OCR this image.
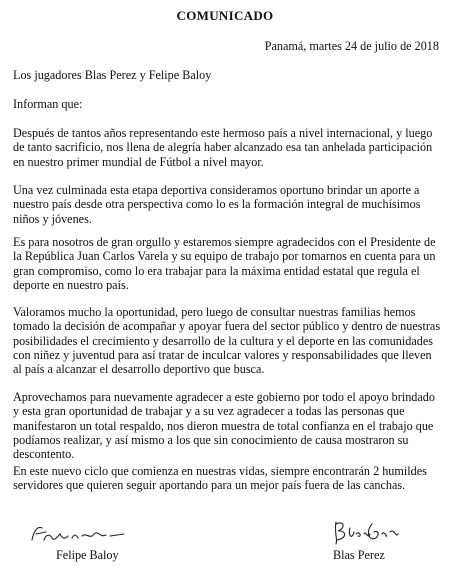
COMUNICADO
Panamá, martes 24 de julio de 2018
Los jugadores Blas Perez y Felipe Baloy
Informan que:

Después de tantos años representando este hermoso país a nivel internacional, y luego de tanto sacrificio, nos llena de alegría haber alcanzado esa tan anhelada participación en nuestro primer mundial de Fútbol a nivel mayor.

Una vez culminada esta etapa deportiva consideramos oportuno brindar un aporte a nuestro país desde otra perspectiva como lo es la formación integral de muchísimos niños y jóvenes.

Es para nosotros de gran orgullo y estaremos siempre agradecidos con el Presidente de la República Juan Carlos Varela y su equipo de trabajo por tomarnos en cuenta para un gran compromiso, como lo era trabajar para la máxima entidad estatal que regula el deporte en nuestro país.

Valoramos mucho la oportunidad, pero luego de consultar nuestras familias hemos tomado la decisión de acompañar y apoyar fuera del sector público y dentro de nuestras posibilidades el crecimiento y desarrollo de la cultura y el deporte en las comunidades con niñez y juventud para así tratar de inculcar valores y responsabilidades que lleven al país a alcanzar el desarrollo deportivo que busca.

Aprovechamos para nuevamente agradecer a este gobierno por todo el apoyo brindado y esta gran oportunidad de trabajar y a su vez agradecer a todas las personas que manifestaron un total respaldo, nos dieron muestra de total confianza en el trabajo que podíamos realizar, y así mismo a los que sin conocimiento de causa mostraron su descontento.

En este nuevo ciclo que comienza en nuestras vidas, siempre encontrarán 2 humildes servidores que quieren seguir aportando para un mejor país fuera de las canchas.

Felipe Baloy	Blas Perez
